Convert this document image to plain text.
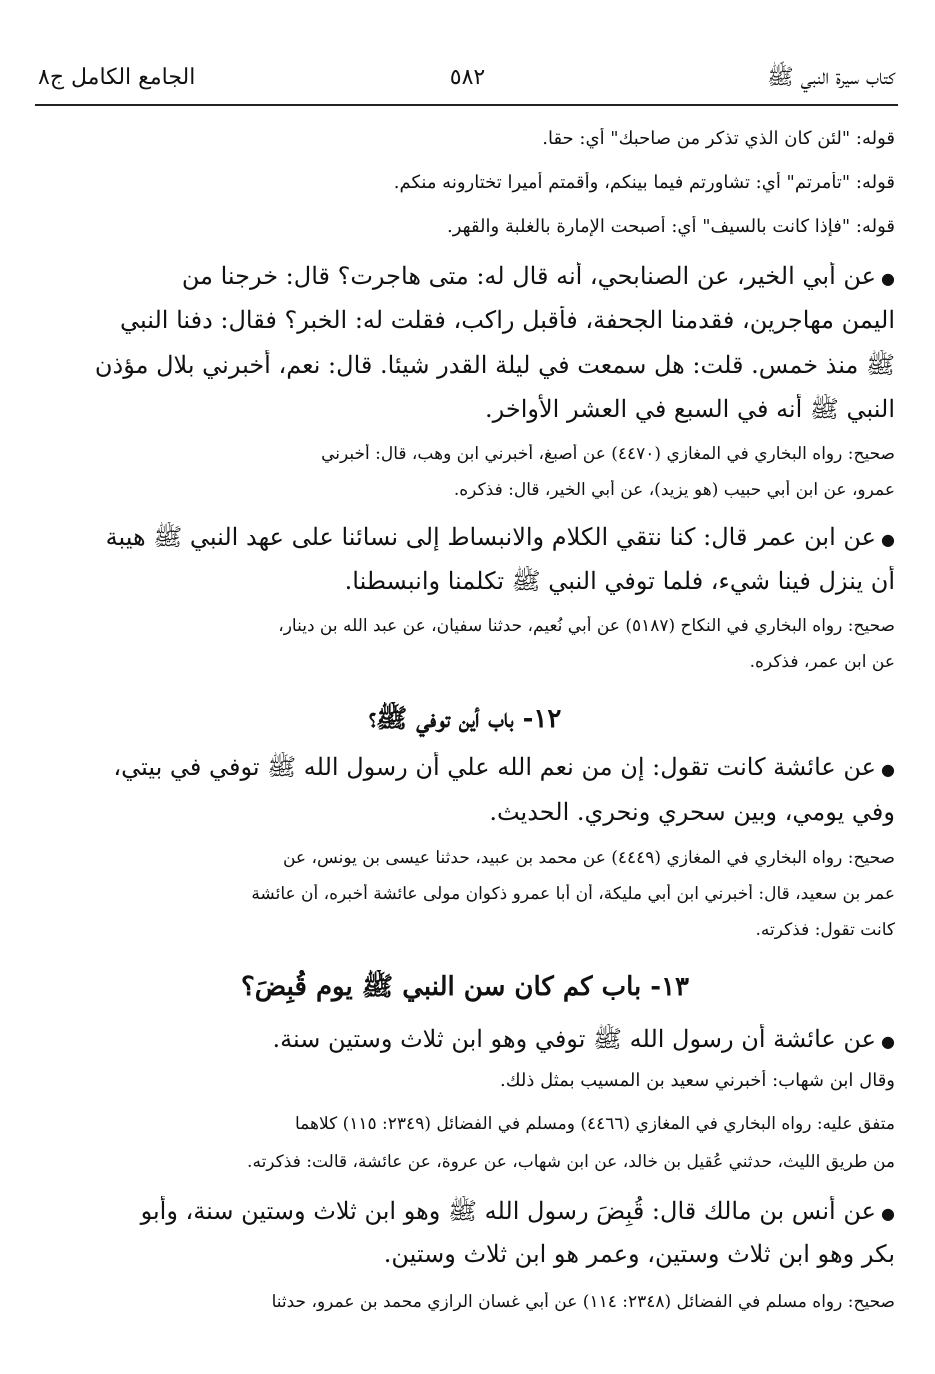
كتاب سيرة النبي ﷺ
٥٨٢
الجامع الكامل ج٨
قوله: "لئن كان الذي تذكر من صاحبك" أي: حقا.
قوله: "تأمرتم" أي: تشاورتم فيما بينكم، وأقمتم أميرا تختارونه منكم.
قوله: "فإذا كانت بالسيف" أي: أصبحت الإمارة بالغلبة والقهر.
● عن أبي الخير، عن الصنابحي، أنه قال له: متى هاجرت؟ قال: خرجنا من
اليمن مهاجرين، فقدمنا الجحفة، فأقبل راكب، فقلت له: الخبر؟ فقال: دفنا النبي
ﷺ منذ خمس. قلت: هل سمعت في ليلة القدر شيئا. قال: نعم، أخبرني بلال مؤذن
النبي ﷺ أنه في السبع في العشر الأواخر.
صحيح: رواه البخاري في المغازي (٤٤٧٠) عن أصبغ، أخبرني ابن وهب، قال: أخبرني
عمرو، عن ابن أبي حبيب (هو يزيد)، عن أبي الخير، قال: فذكره.
● عن ابن عمر قال: كنا نتقي الكلام والانبساط إلى نسائنا على عهد النبي ﷺ هيبة
أن ينزل فينا شيء، فلما توفي النبي ﷺ تكلمنا وانبسطنا.
صحيح: رواه البخاري في النكاح (٥١٨٧) عن أبي نُعيم، حدثنا سفيان، عن عبد الله بن دينار،
عن ابن عمر، فذكره.
١٢- باب أين توفي ﷺ؟
● عن عائشة كانت تقول: إن من نعم الله علي أن رسول الله ﷺ توفي في بيتي،
وفي يومي، وبين سحري ونحري. الحديث.
صحيح: رواه البخاري في المغازي (٤٤٤٩) عن محمد بن عبيد، حدثنا عيسى بن يونس، عن
عمر بن سعيد، قال: أخبرني ابن أبي مليكة، أن أبا عمرو ذكوان مولى عائشة أخبره، أن عائشة
كانت تقول: فذكرته.
١٣- باب كم كان سن النبي ﷺ يوم قُبِضَ؟
● عن عائشة أن رسول الله ﷺ توفي وهو ابن ثلاث وستين سنة.
وقال ابن شهاب: أخبرني سعيد بن المسيب بمثل ذلك.
متفق عليه: رواه البخاري في المغازي (٤٤٦٦) ومسلم في الفضائل (٢٣٤٩: ١١٥) كلاهما
من طريق الليث، حدثني عُقيل بن خالد، عن ابن شهاب، عن عروة، عن عائشة، قالت: فذكرته.
● عن أنس بن مالك قال: قُبِضَ رسول الله ﷺ وهو ابن ثلاث وستين سنة، وأبو
بكر وهو ابن ثلاث وستين، وعمر هو ابن ثلاث وستين.
صحيح: رواه مسلم في الفضائل (٢٣٤٨: ١١٤) عن أبي غسان الرازي محمد بن عمرو، حدثنا
